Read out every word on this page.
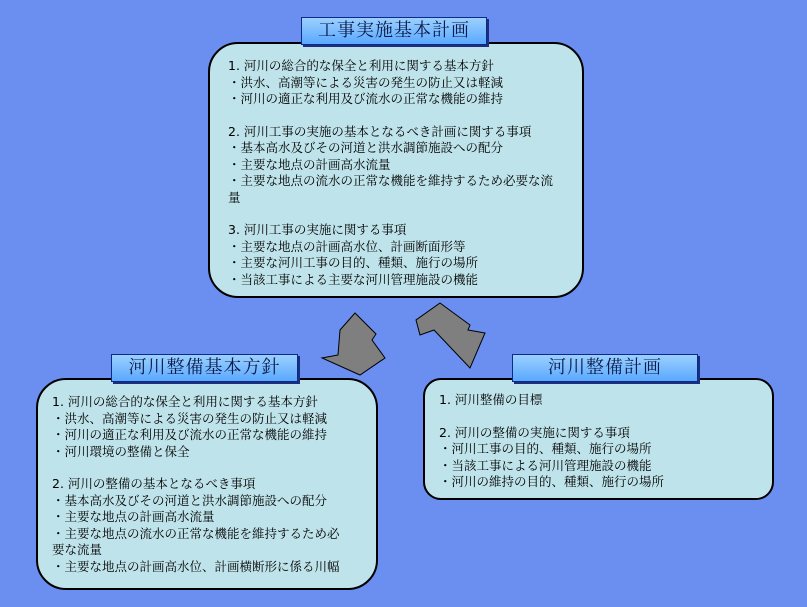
1. 河川の総合的な保全と利用に関する基本方針
・洪水、高潮等による災害の発生の防止又は軽減
・河川の適正な利用及び流水の正常な機能の維持
2. 河川工事の実施の基本となるべき計画に関する事項
・基本高水及びその河道と洪水調節施設への配分
・主要な地点の計画高水流量
・主要な地点の流水の正常な機能を維持するため必要な流
量
3. 河川工事の実施に関する事項
・主要な地点の計画高水位、計画断面形等
・主要な河川工事の目的、種類、施行の場所
・当該工事による主要な河川管理施設の機能
工事実施基本計画
1. 河川の総合的な保全と利用に関する基本方針
・洪水、高潮等による災害の発生の防止又は軽減
・河川の適正な利用及び流水の正常な機能の維持
・河川環境の整備と保全
2. 河川の整備の基本となるべき事項
・基本高水及びその河道と洪水調節施設への配分
・主要な地点の計画高水流量
・主要な地点の流水の正常な機能を維持するため必
要な流量
・主要な地点の計画高水位、計画横断形に係る川幅
河川整備基本方針
1. 河川整備の目標
2. 河川の整備の実施に関する事項
・河川工事の目的、種類、施行の場所
・当該工事による河川管理施設の機能
・河川の維持の目的、種類、施行の場所
河川整備計画
